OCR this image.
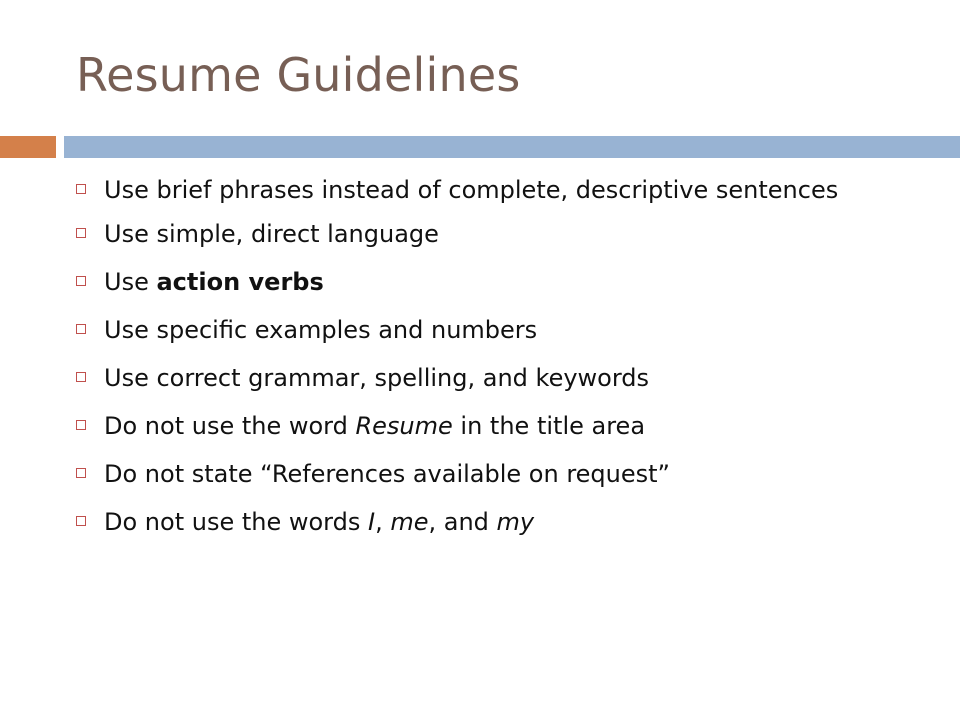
Resume Guidelines
Use brief phrases instead of complete, descriptive sentences
Use simple, direct language
Use action verbs
Use specific examples and numbers
Use correct grammar, spelling, and keywords
Do not use the word Resume in the title area
Do not state “References available on request”
Do not use the words I, me, and my
